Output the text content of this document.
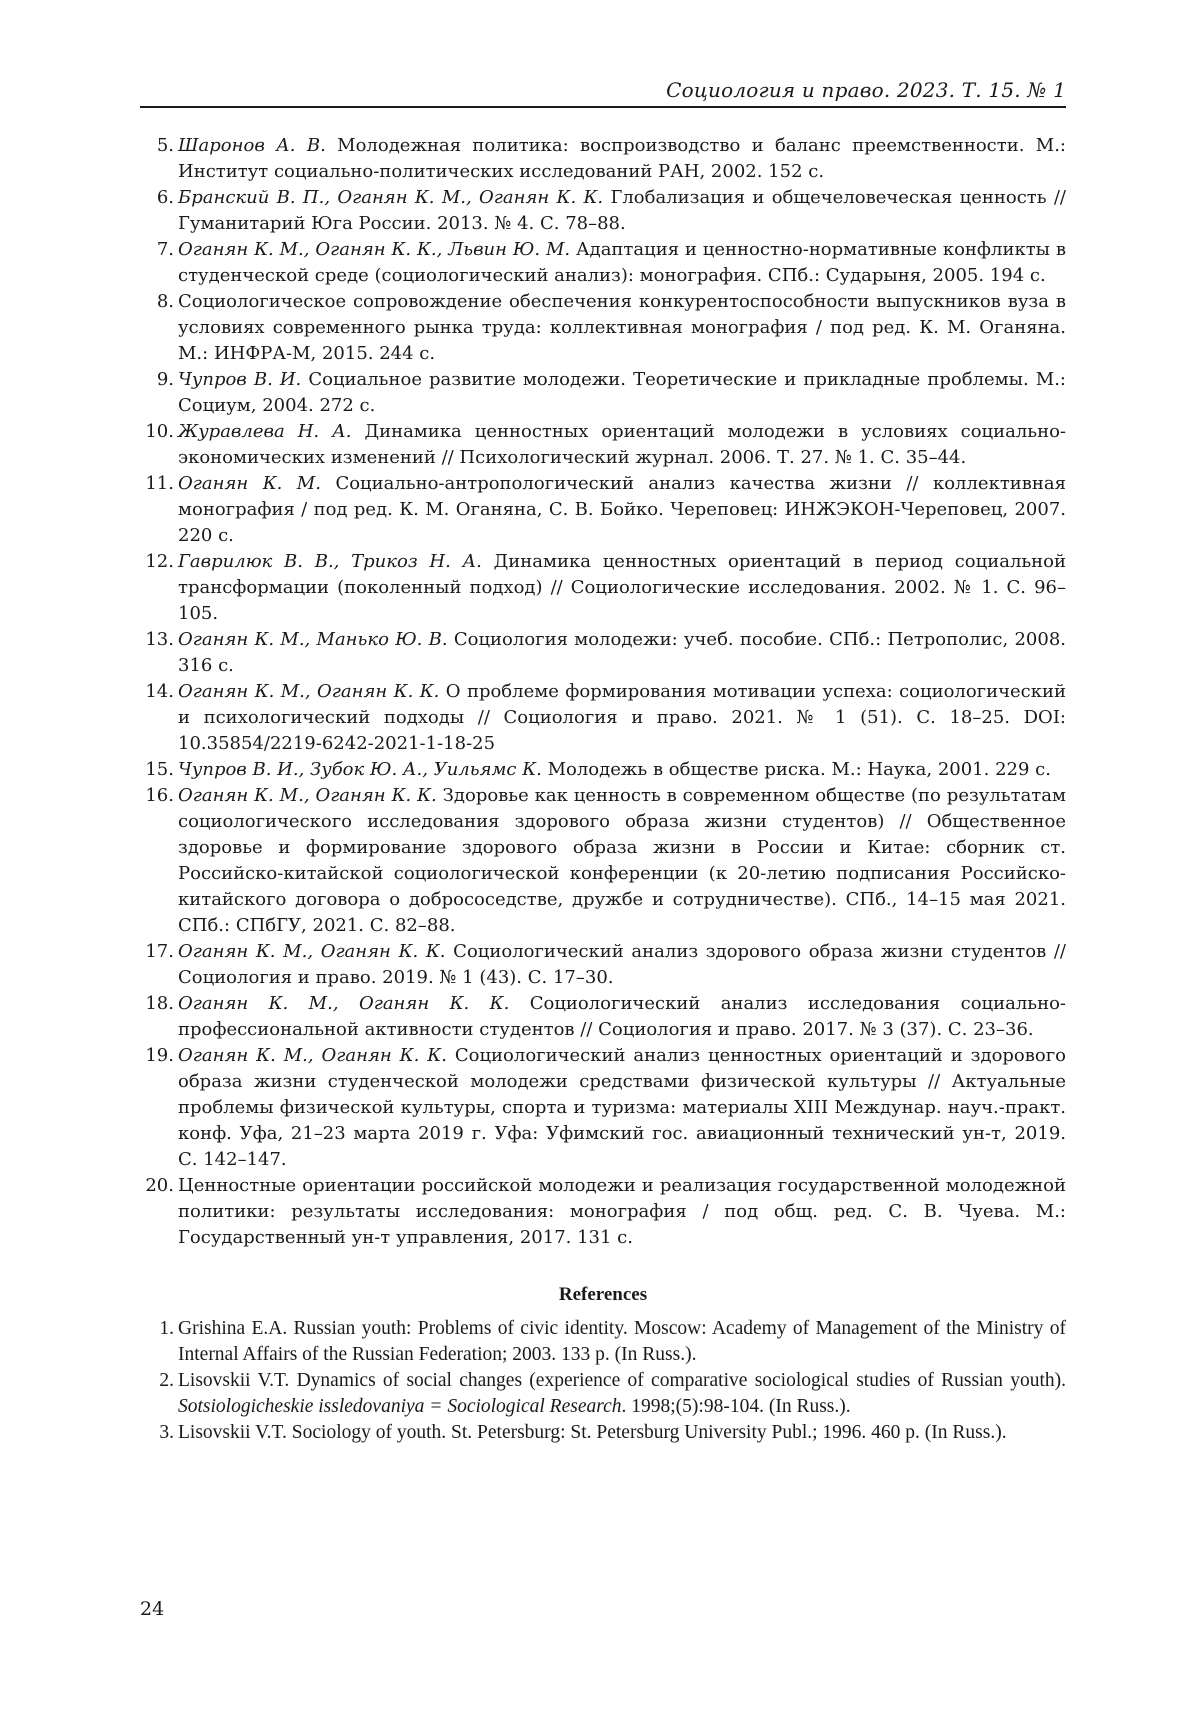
Социология и право. 2023. Т. 15. № 1
5. Шаронов А. В. Молодежная политика: воспроизводство и баланс преемственности. М.: Институт социально-политических исследований РАН, 2002. 152 с.
6. Бранский В. П., Оганян К. М., Оганян К. К. Глобализация и общечеловеческая ценность // Гуманитарий Юга России. 2013. № 4. С. 78–88.
7. Оганян К. М., Оганян К. К., Львин Ю. М. Адаптация и ценностно-нормативные конфликты в студенческой среде (социологический анализ): монография. СПб.: Сударыня, 2005. 194 с.
8. Социологическое сопровождение обеспечения конкурентоспособности выпускников вуза в условиях современного рынка труда: коллективная монография / под ред. К. М. Оганяна. М.: ИНФРА-М, 2015. 244 с.
9. Чупров В. И. Социальное развитие молодежи. Теоретические и прикладные проблемы. М.: Социум, 2004. 272 с.
10. Журавлева Н. А. Динамика ценностных ориентаций молодежи в условиях социально-экономических изменений // Психологический журнал. 2006. Т. 27. № 1. С. 35–44.
11. Оганян К. М. Социально-антропологический анализ качества жизни // коллективная монография / под ред. К. М. Оганяна, С. В. Бойко. Череповец: ИНЖЭКОН-Череповец, 2007. 220 с.
12. Гаврилюк В. В., Трикоз Н. А. Динамика ценностных ориентаций в период социальной трансформации (поколенный подход) // Социологические исследования. 2002. № 1. С. 96–105.
13. Оганян К. М., Манько Ю. В. Социология молодежи: учеб. пособие. СПб.: Петрополис, 2008. 316 с.
14. Оганян К. М., Оганян К. К. О проблеме формирования мотивации успеха: социологический и психологический подходы // Социология и право. 2021. № 1 (51). С. 18–25. DOI: 10.35854/2219-6242-2021-1-18-25
15. Чупров В. И., Зубок Ю. А., Уильямс К. Молодежь в обществе риска. М.: Наука, 2001. 229 с.
16. Оганян К. М., Оганян К. К. Здоровье как ценность в современном обществе (по результатам социологического исследования здорового образа жизни студентов) // Общественное здоровье и формирование здорового образа жизни в России и Китае: сборник ст. Российско-китайской социологической конференции (к 20-летию подписания Российско-китайского договора о добрососедстве, дружбе и сотрудничестве). СПб., 14–15 мая 2021. СПб.: СПбГУ, 2021. С. 82–88.
17. Оганян К. М., Оганян К. К. Социологический анализ здорового образа жизни студентов // Социология и право. 2019. № 1 (43). С. 17–30.
18. Оганян К. М., Оганян К. К. Социологический анализ исследования социально-профессиональной активности студентов // Социология и право. 2017. № 3 (37). С. 23–36.
19. Оганян К. М., Оганян К. К. Социологический анализ ценностных ориентаций и здорового образа жизни студенческой молодежи средствами физической культуры // Актуальные проблемы физической культуры, спорта и туризма: материалы XIII Междунар. науч.-практ. конф. Уфа, 21–23 марта 2019 г. Уфа: Уфимский гос. авиационный технический ун-т, 2019. С. 142–147.
20. Ценностные ориентации российской молодежи и реализация государственной молодежной политики: результаты исследования: монография / под общ. ред. С. В. Чуева. М.: Государственный ун-т управления, 2017. 131 с.
References
1. Grishina E.A. Russian youth: Problems of civic identity. Moscow: Academy of Management of the Ministry of Internal Affairs of the Russian Federation; 2003. 133 p. (In Russ.).
2. Lisovskii V.T. Dynamics of social changes (experience of comparative sociological studies of Russian youth). Sotsiologicheskie issledovaniya = Sociological Research. 1998;(5):98-104. (In Russ.).
3. Lisovskii V.T. Sociology of youth. St. Petersburg: St. Petersburg University Publ.; 1996. 460 p. (In Russ.).
24
